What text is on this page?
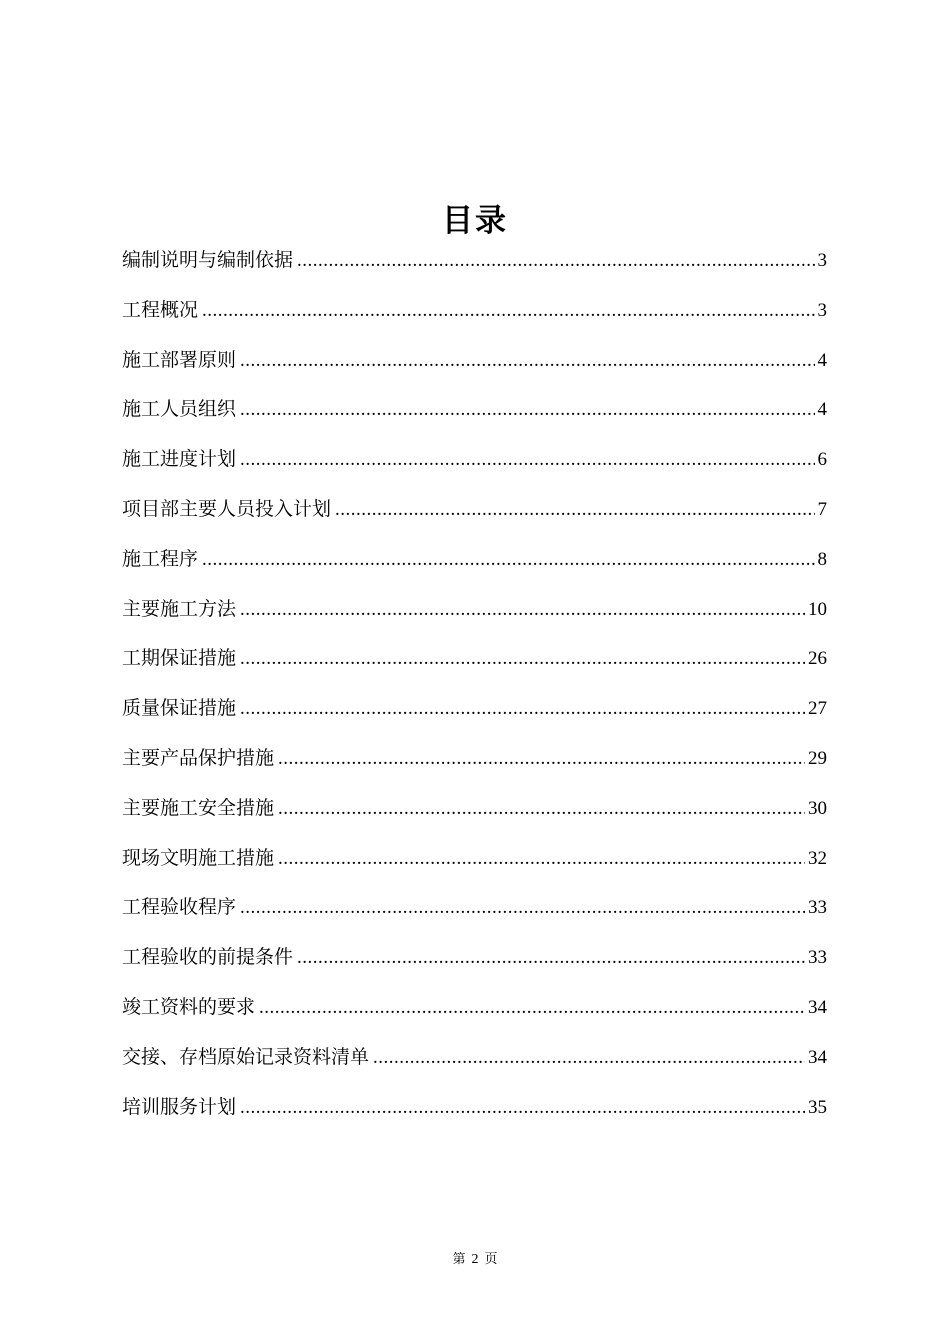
目录
编制说明与编制依据 .....	3
工程概况 .....	3
施工部署原则 .....	4
施工人员组织 .....	4
施工进度计划 .....	6
项目部主要人员投入计划 .....	7
施工程序 .....	8
主要施工方法 .....	10
工期保证措施 .....	26
质量保证措施 .....	27
主要产品保护措施 .....	29
主要施工安全措施 .....	30
现场文明施工措施 .....	32
工程验收程序 .....	33
工程验收的前提条件 .....	33
竣工资料的要求 .....	34
交接、存档原始记录资料清单 .....	34
培训服务计划 .....	35
第 2 页
